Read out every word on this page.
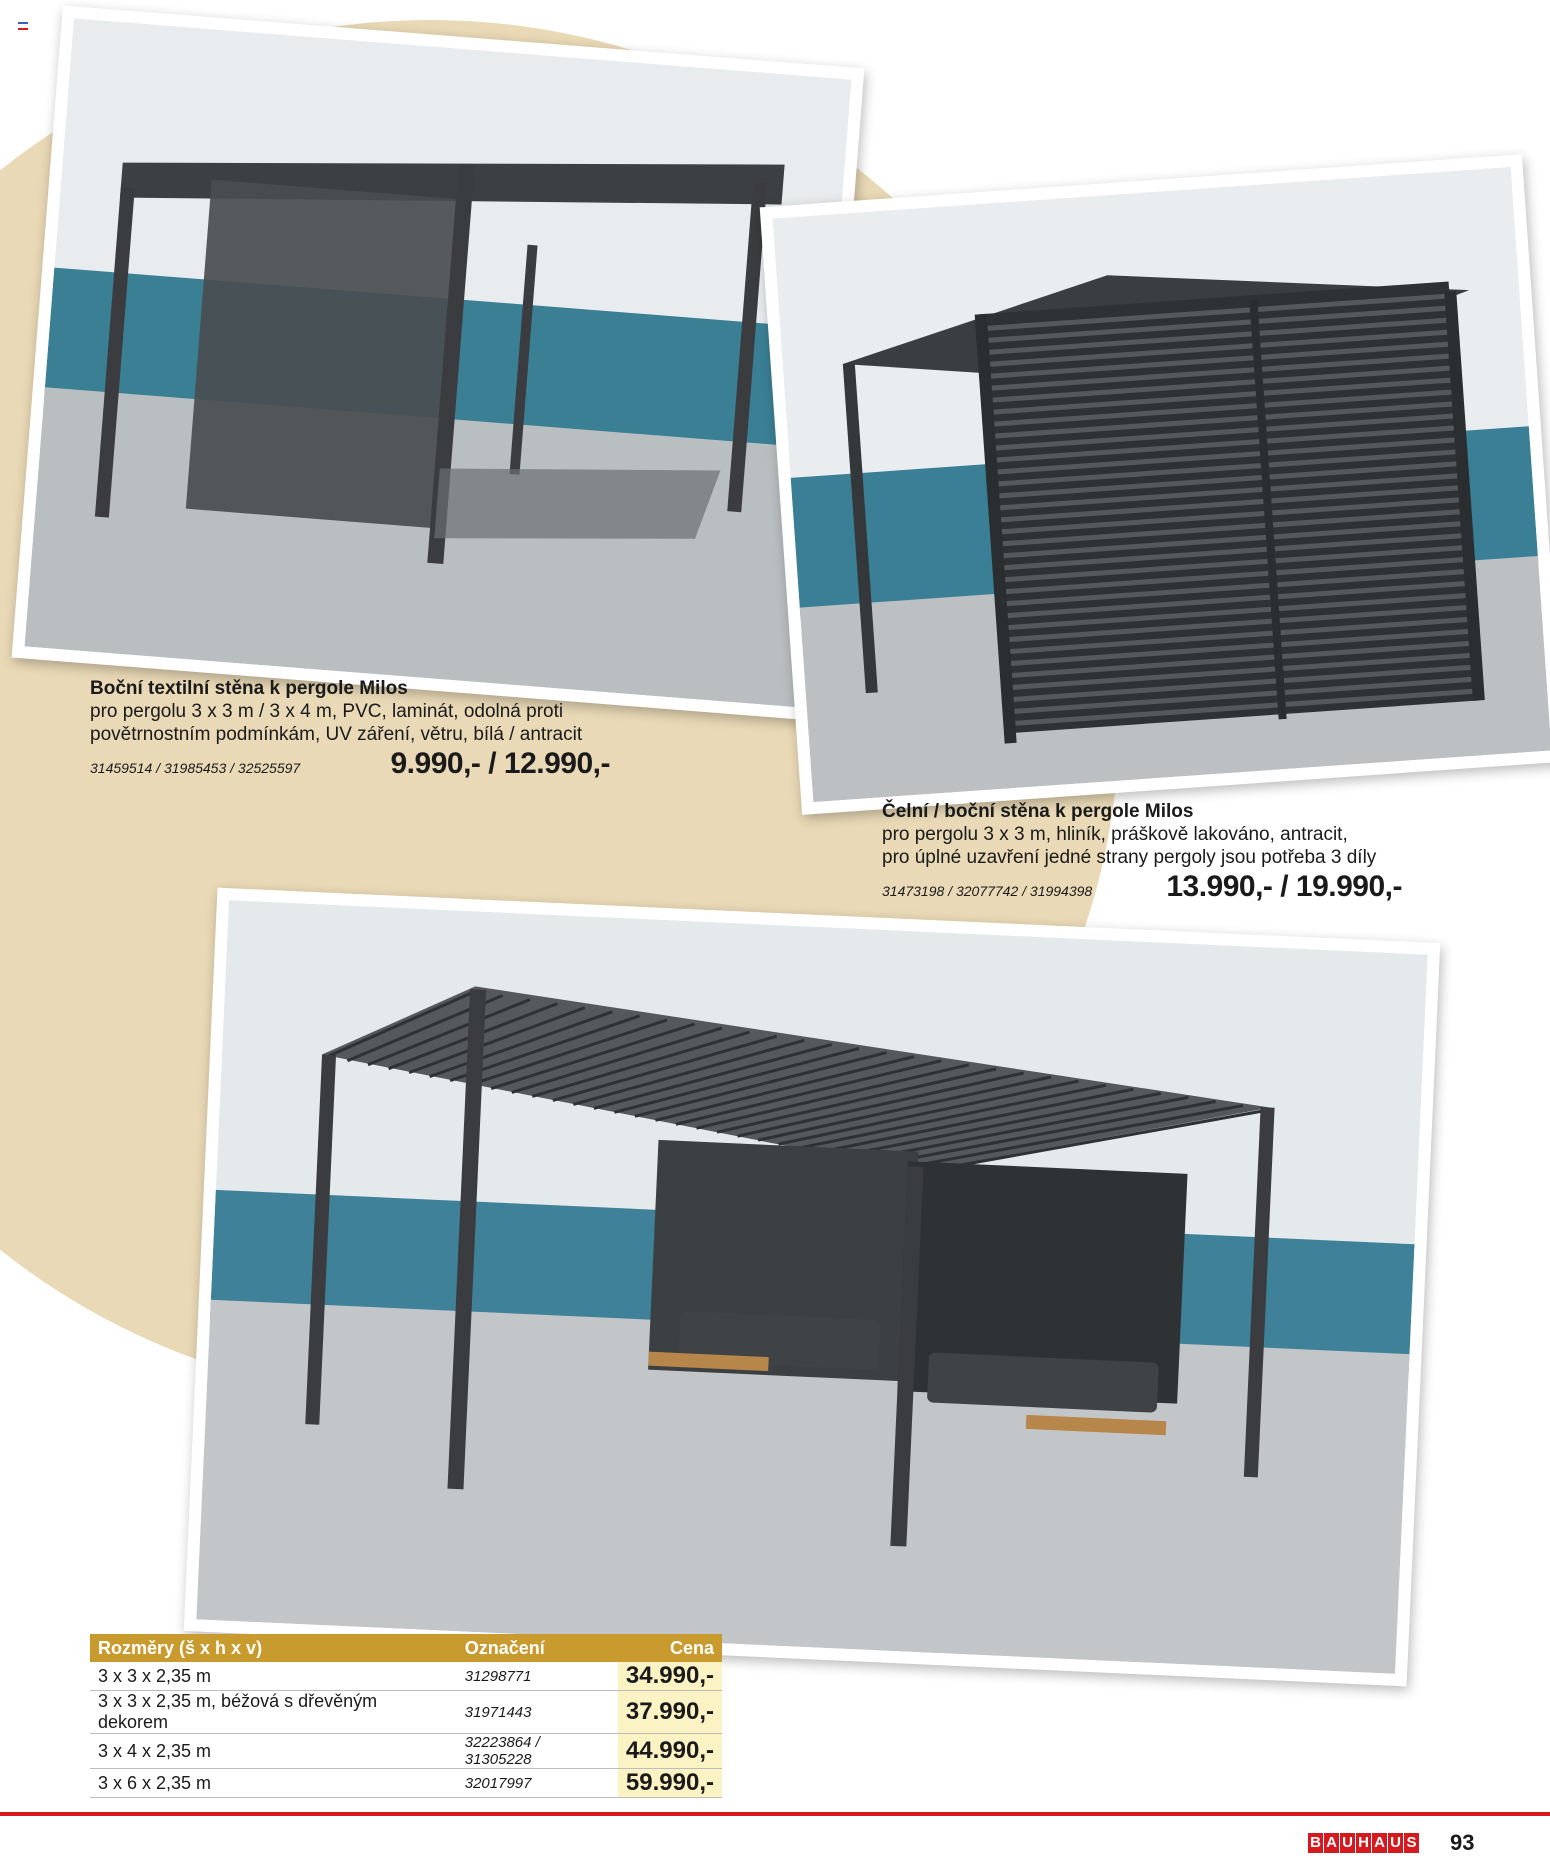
Boční textilní stěna k pergole Milos
pro pergolu 3 x 3 m / 3 x 4 m, PVC, laminát, odolná proti
povětrnostním podmínkám, UV záření, větru, bílá / antracit
31459514 / 31985453 / 32525597	9.990,- / 12.990,-
Čelní / boční stěna k pergole Milos
pro pergolu 3 x 3 m, hliník, práškově lakováno, antracit,
pro úplné uzavření jedné strany pergoly jsou potřeba 3 díly
31473198 / 32077742 / 31994398 13.990,- / 19.990,-
Rozměry (š x h x v)	Označení	Cena
3 x 3 x 2,35 m	31298771	34.990,-
3 x 3 x 2,35 m, béžová s dřevěným dekorem	31971443	37.990,-
3 x 4 x 2,35 m	32223864 / 31305228	44.990,-
3 x 6 x 2,35 m	32017997	59.990,-
B A U H A U S 93
